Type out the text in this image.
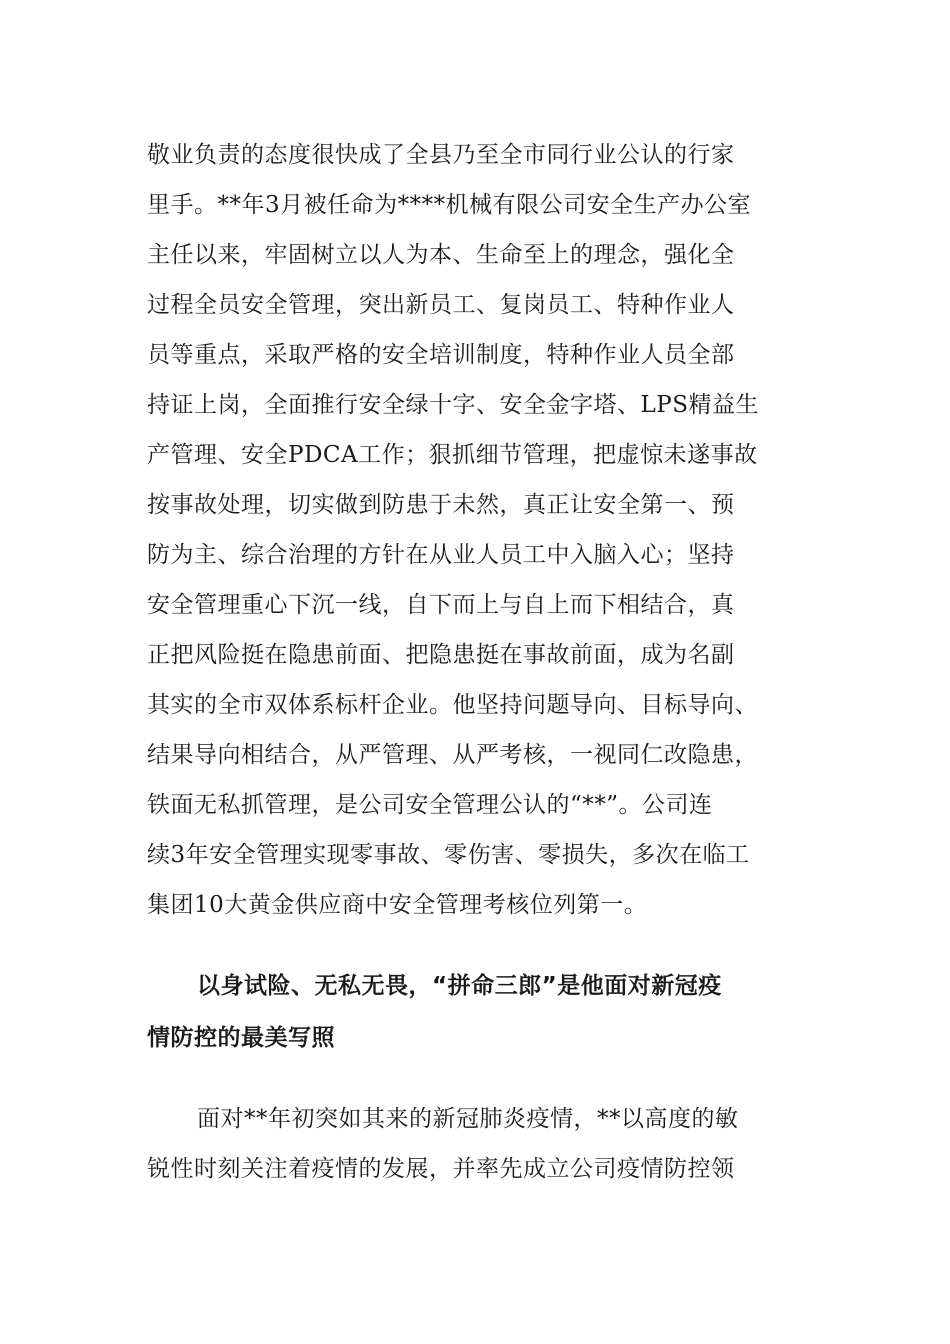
敬业负责的态度很快成了全县乃至全市同行业公认的行家
里手。**年3月被任命为****机械有限公司安全生产办公室
主任以来，牢固树立以人为本、生命至上的理念，强化全
过程全员安全管理，突出新员工、复岗员工、特种作业人
员等重点，采取严格的安全培训制度，特种作业人员全部
持证上岗，全面推行安全绿十字、安全金字塔、LPS精益生
产管理、安全PDCA工作；狠抓细节管理，把虚惊未遂事故
按事故处理，切实做到防患于未然，真正让安全第一、预
防为主、综合治理的方针在从业人员工中入脑入心；坚持
安全管理重心下沉一线，自下而上与自上而下相结合，真
正把风险挺在隐患前面、把隐患挺在事故前面，成为名副
其实的全市双体系标杆企业。他坚持问题导向、目标导向、
结果导向相结合，从严管理、从严考核，一视同仁改隐患，
铁面无私抓管理，是公司安全管理公认的“**”。公司连
续3年安全管理实现零事故、零伤害、零损失，多次在临工
集团10大黄金供应商中安全管理考核位列第一。
以身试险、无私无畏，“拼命三郎”是他面对新冠疫
情防控的最美写照
面对**年初突如其来的新冠肺炎疫情，**以高度的敏
锐性时刻关注着疫情的发展，并率先成立公司疫情防控领
